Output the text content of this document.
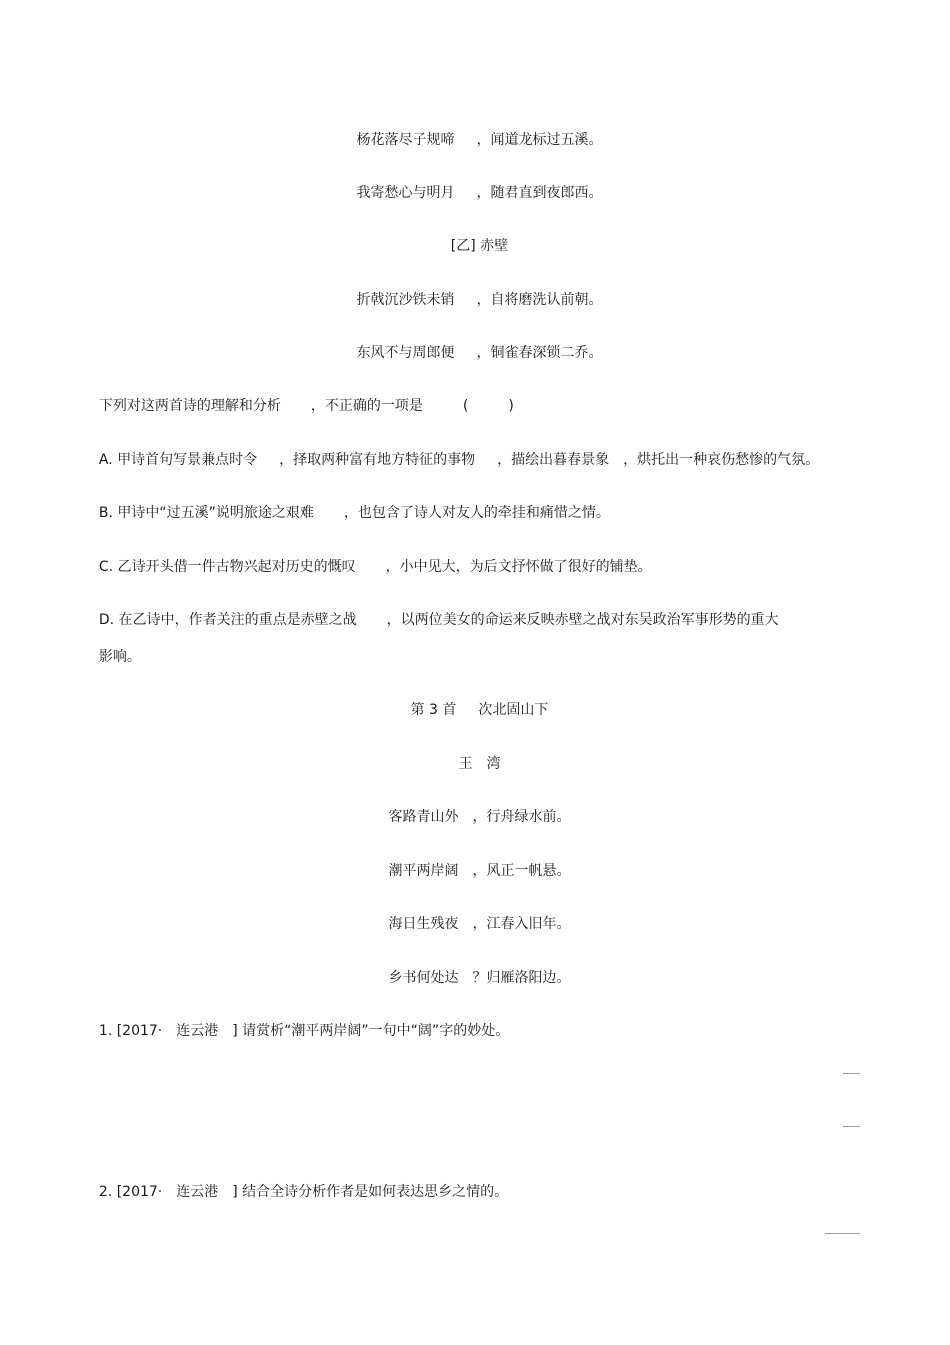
杨花落尽子规啼 ，闻道龙标过五溪。

我寄愁心与明月 ，随君直到夜郎西。

[乙] 赤壁

折戟沉沙铁未销 ，自将磨洗认前朝。

东风不与周郎便 ，铜雀春深锁二乔。

下列对这两首诗的理解和分析 ，不正确的一项是	(	)

A. 甲诗首句写景兼点时令 ，择取两种富有地方特征的事物 ，描绘出暮春景象 ，烘托出一种哀伤愁惨的气氛。

B. 甲诗中“过五溪”说明旅途之艰难 ，也包含了诗人对友人的牵挂和痛惜之情。

C. 乙诗开头借一件古物兴起对历史的慨叹 ，小中见大，为后文抒怀做了很好的铺垫。

D. 在乙诗中，作者关注的重点是赤壁之战 ，以两位美女的命运来反映赤壁之战对东吴政治军事形势的重大

影响。

第 3 首 次北固山下

王　湾

客路青山外 ，行舟绿水前。

潮平两岸阔 ，风正一帆悬。

海日生残夜 ，江春入旧年。

乡书何处达 ？归雁洛阳边。

1. [2017· 连云港 ] 请赏析“潮平两岸阔”一句中“阔”字的妙处。

2. [2017· 连云港 ] 结合全诗分析作者是如何表达思乡之情的。
